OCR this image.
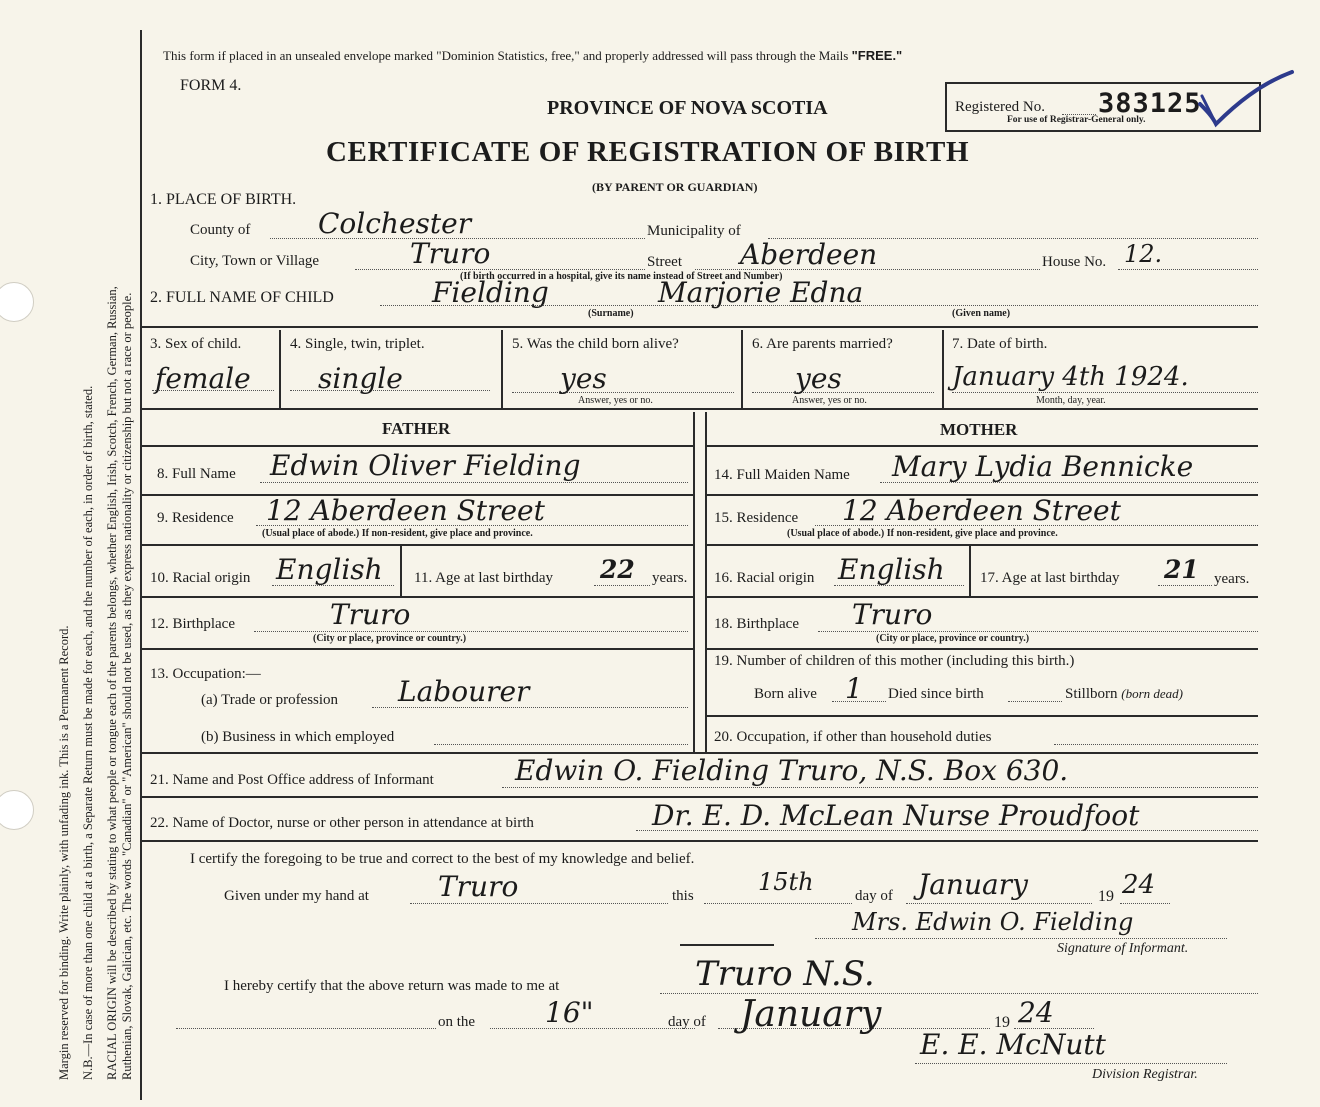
Margin reserved for binding. Write plainly, with unfading ink. This is a Permanent Record. N.B.—In case of more than one child at a birth, a Separate Return must be made for each, and the number of each, in order of birth, stated. RACIAL ORIGIN will be described by stating to what people or tongue each of the parents belongs, whether English, Irish, Scotch, French, German, Russian, Ruthenian, Slovak, Galician, etc. The words "Canadian" or "American" should not be used, as they express nationality or citizenship but not a race or people.
This form if placed in an unsealed envelope marked "Dominion Statistics, free," and properly addressed will pass through the Mails "FREE."
FORM 4.
PROVINCE OF NOVA SCOTIA
CERTIFICATE OF REGISTRATION OF BIRTH
(BY PARENT OR GUARDIAN)
Registered No. 383125
For use of Registrar-General only.
1. PLACE OF BIRTH.
County of Colchester	Municipality of
City, Town or Village	Truro	Street Aberdeen	House No. 12.
(If birth occurred in a hospital, give its name instead of Street and Number)
2. FULL NAME OF CHILD	Fielding	Marjorie Edna
(Surname)	(Given name)
3. Sex of child.
female
4. Single, twin, triplet.
single
5. Was the child born alive?
yes
Answer, yes or no.
6. Are parents married?
yes
Answer, yes or no.
7. Date of birth.
January 4th 1924.
Month, day, year.
FATHER	MOTHER
8. Full Name Edwin Oliver Fielding	14. Full Maiden Name Mary Lydia Bennicke
9. Residence 12 Aberdeen Street
(Usual place of abode.) If non-resident, give place and province.
15. Residence 12 Aberdeen Street
(Usual place of abode.) If non-resident, give place and province.
10. Racial origin English 11. Age at last birthday 22 years. 16. Racial origin English 17. Age at last birthday 21 years.
12. Birthplace	Truro
(City or place, province or country.)
18. Birthplace Truro
(City or place, province or country.)
13. Occupation:—
(a) Trade or profession Labourer
(b) Business in which employed
19. Number of children of this mother (including this birth.)
Born alive 1 Died since birth	Stillborn (born dead)
20. Occupation, if other than household duties
21. Name and Post Office address of Informant	Edwin O. Fielding Truro, N.S. Box 630.
22. Name of Doctor, nurse or other person in attendance at birth	Dr. E. D. McLean Nurse Proudfoot
I certify the foregoing to be true and correct to the best of my knowledge and belief.
Given under my hand at Truro	this	15th	day of January	19 24
Mrs. Edwin O. Fielding
Signature of Informant.
I hereby certify that the above return was made to me at	Truro N.S.
on the 16"	day of January	19 24
E. E. McNutt
Division Registrar.
